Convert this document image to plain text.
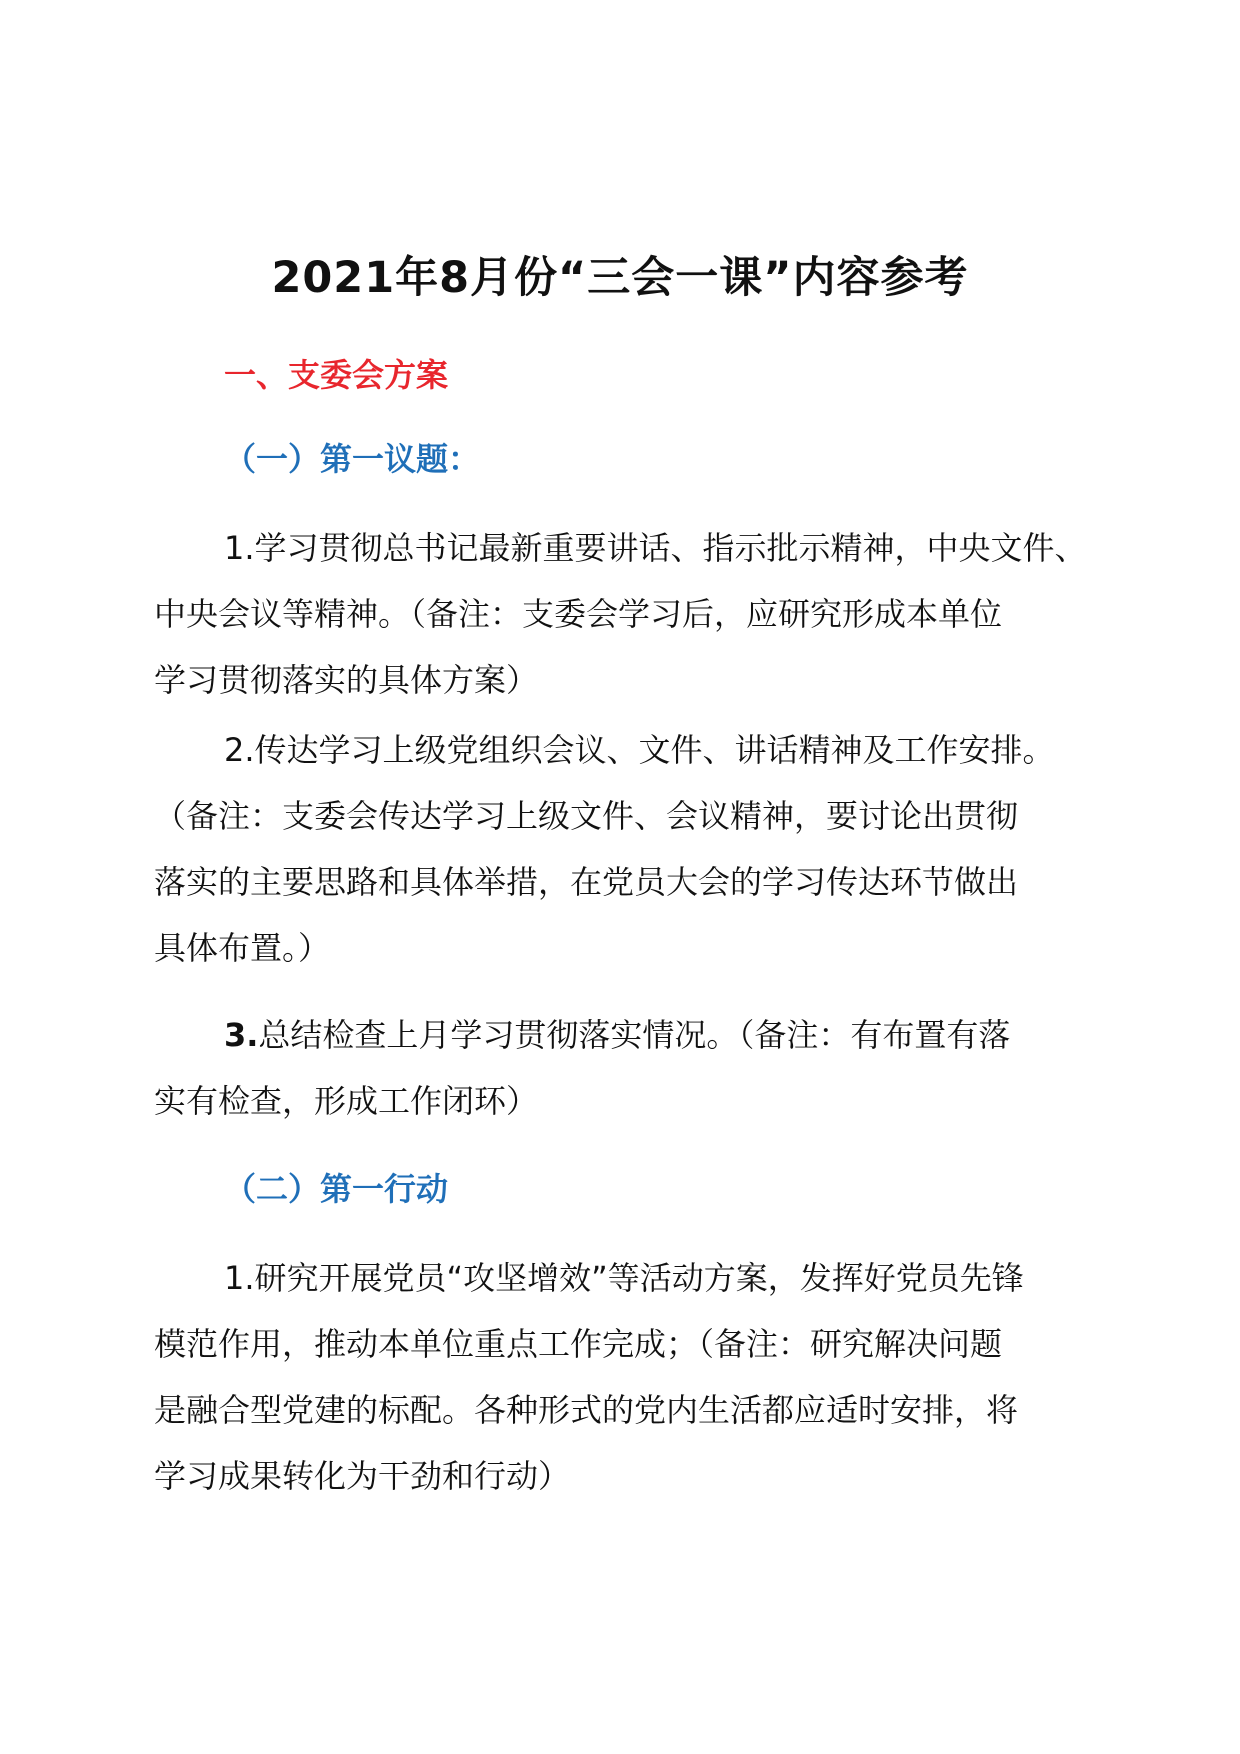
2021年8月份“三会一课”内容参考
一、支委会方案
（一）第一议题：

1.学习贯彻总书记最新重要讲话、指示批示精神，中央文件、
中央会议等精神。（备注：支委会学习后，应研究形成本单位
学习贯彻落实的具体方案）

2.传达学习上级党组织会议、文件、讲话精神及工作安排。
（备注：支委会传达学习上级文件、会议精神，要讨论出贯彻
落实的主要思路和具体举措，在党员大会的学习传达环节做出
具体布置。）

3.总结检查上月学习贯彻落实情况。（备注：有布置有落
实有检查，形成工作闭环）

（二）第一行动

1.研究开展党员“攻坚增效”等活动方案，发挥好党员先锋
模范作用，推动本单位重点工作完成；（备注：研究解决问题
是融合型党建的标配。各种形式的党内生活都应适时安排，将
学习成果转化为干劲和行动）
